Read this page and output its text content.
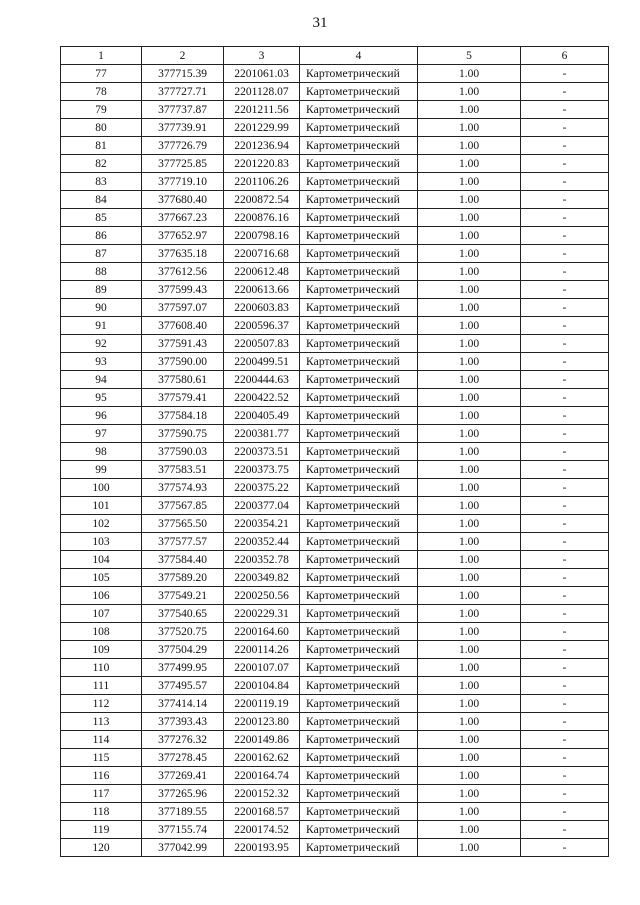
31
1	2	3	4	5	6
77	377715.39	2201061.03	Картометрический	1.00	-
78	377727.71	2201128.07	Картометрический	1.00	-
79	377737.87	2201211.56	Картометрический	1.00	-
80	377739.91	2201229.99	Картометрический	1.00	-
81	377726.79	2201236.94	Картометрический	1.00	-
82	377725.85	2201220.83	Картометрический	1.00	-
83	377719.10	2201106.26	Картометрический	1.00	-
84	377680.40	2200872.54	Картометрический	1.00	-
85	377667.23	2200876.16	Картометрический	1.00	-
86	377652.97	2200798.16	Картометрический	1.00	-
87	377635.18	2200716.68	Картометрический	1.00	-
88	377612.56	2200612.48	Картометрический	1.00	-
89	377599.43	2200613.66	Картометрический	1.00	-
90	377597.07	2200603.83	Картометрический	1.00	-
91	377608.40	2200596.37	Картометрический	1.00	-
92	377591.43	2200507.83	Картометрический	1.00	-
93	377590.00	2200499.51	Картометрический	1.00	-
94	377580.61	2200444.63	Картометрический	1.00	-
95	377579.41	2200422.52	Картометрический	1.00	-
96	377584.18	2200405.49	Картометрический	1.00	-
97	377590.75	2200381.77	Картометрический	1.00	-
98	377590.03	2200373.51	Картометрический	1.00	-
99	377583.51	2200373.75	Картометрический	1.00	-
100	377574.93	2200375.22	Картометрический	1.00	-
101	377567.85	2200377.04	Картометрический	1.00	-
102	377565.50	2200354.21	Картометрический	1.00	-
103	377577.57	2200352.44	Картометрический	1.00	-
104	377584.40	2200352.78	Картометрический	1.00	-
105	377589.20	2200349.82	Картометрический	1.00	-
106	377549.21	2200250.56	Картометрический	1.00	-
107	377540.65	2200229.31	Картометрический	1.00	-
108	377520.75	2200164.60	Картометрический	1.00	-
109	377504.29	2200114.26	Картометрический	1.00	-
110	377499.95	2200107.07	Картометрический	1.00	-
111	377495.57	2200104.84	Картометрический	1.00	-
112	377414.14	2200119.19	Картометрический	1.00	-
113	377393.43	2200123.80	Картометрический	1.00	-
114	377276.32	2200149.86	Картометрический	1.00	-
115	377278.45	2200162.62	Картометрический	1.00	-
116	377269.41	2200164.74	Картометрический	1.00	-
117	377265.96	2200152.32	Картометрический	1.00	-
118	377189.55	2200168.57	Картометрический	1.00	-
119	377155.74	2200174.52	Картометрический	1.00	-
120	377042.99	2200193.95	Картометрический	1.00	-
